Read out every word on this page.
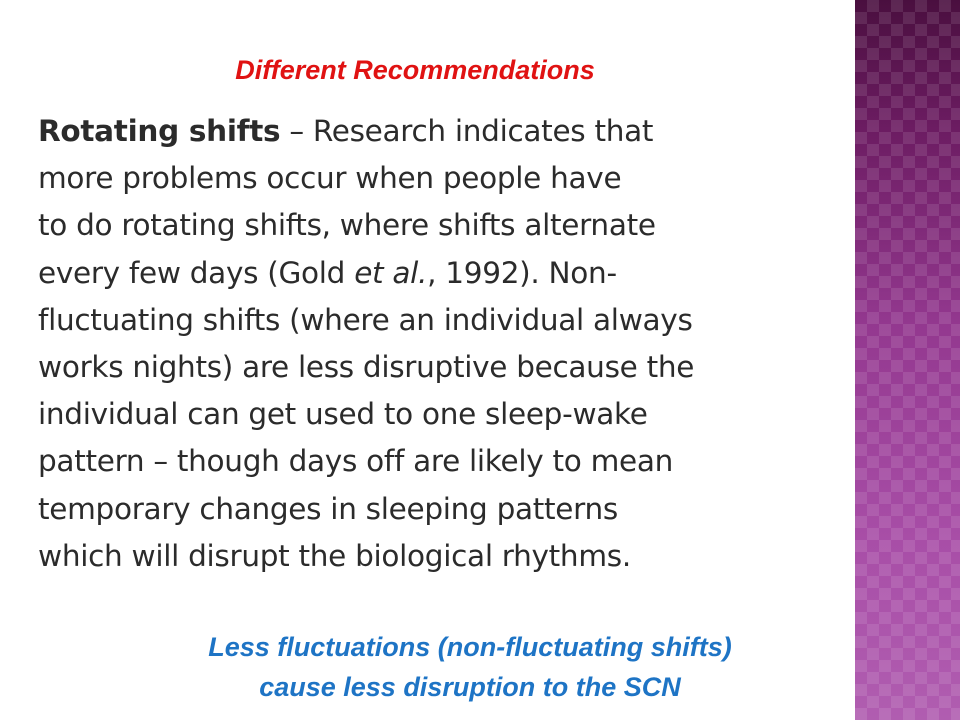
Different Recommendations
Rotating shifts – Research indicates that
more problems occur when people have
to do rotating shifts, where shifts alternate
every few days (Gold et al., 1992). Non-
fluctuating shifts (where an individual always
works nights) are less disruptive because the
individual can get used to one sleep-wake
pattern – though days off are likely to mean
temporary changes in sleeping patterns
which will disrupt the biological rhythms.
Less fluctuations (non-fluctuating shifts)
cause less disruption to the SCN
